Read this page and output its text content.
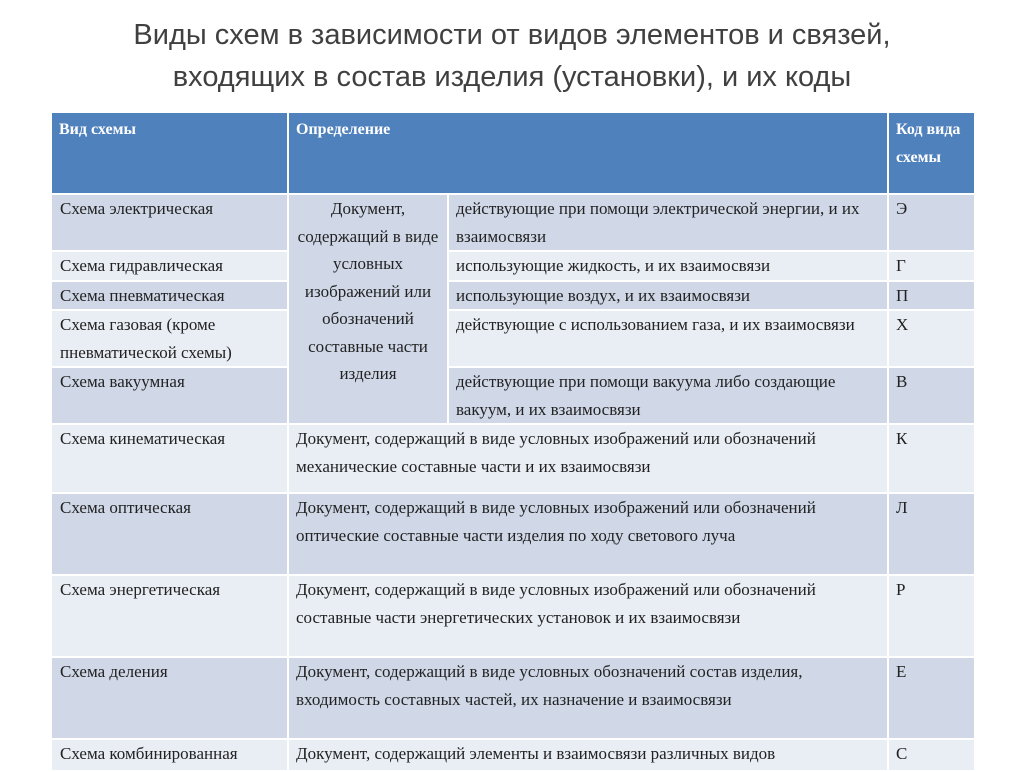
Виды схем в зависимости от видов элементов и связей,
входящих в состав изделия (установки), и их коды
Вид схемы	Определение		Код вида схемы
Схема электрическая	Документ, содержащий в виде условных изображений или обозначений составные части изделия	действующие при помощи электрической энергии, и их взаимосвязи	Э
Схема гидравлическая		использующие жидкость, и их взаимосвязи	Г
Схема пневматическая		использующие воздух, и их взаимосвязи	П
Схема газовая (кроме пневматической схемы)		действующие с использованием газа, и их взаимосвязи	Х
Схема вакуумная		действующие при помощи вакуума либо создающие вакуум, и их взаимосвязи	В
Схема кинематическая	Документ, содержащий в виде условных изображений или обозначений механические составные части и их взаимосвязи		К
Схема оптическая	Документ, содержащий в виде условных изображений или обозначений оптические составные части изделия по ходу светового луча		Л
Схема энергетическая	Документ, содержащий в виде условных изображений или обозначений составные части энергетических установок и их взаимосвязи		Р
Схема деления	Документ, содержащий в виде условных обозначений состав изделия, входимость составных частей, их назначение и взаимосвязи		Е
Схема комбинированная	Документ, содержащий элементы и взаимосвязи различных видов		С
